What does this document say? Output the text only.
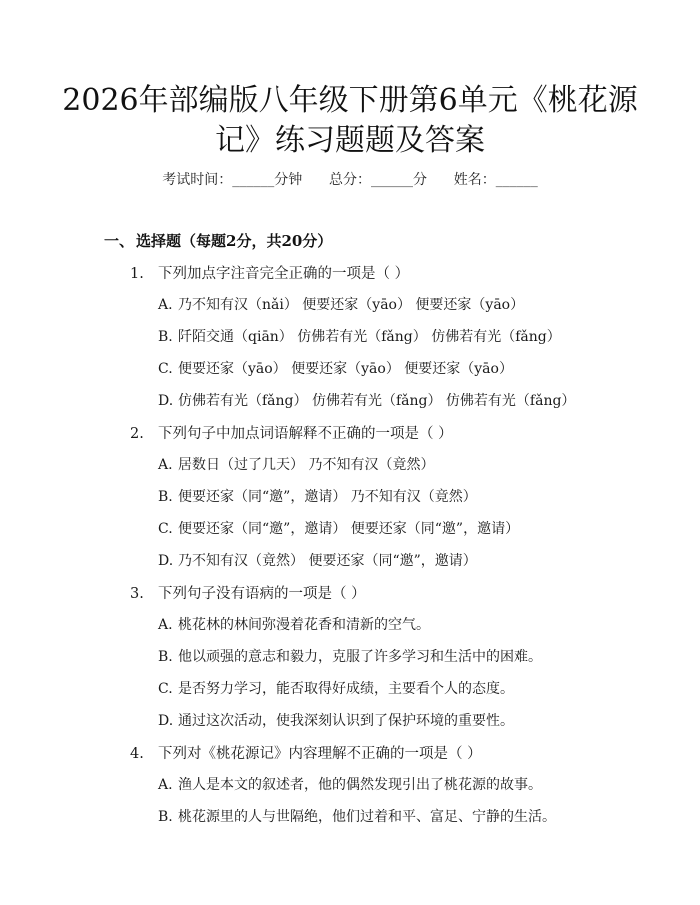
2026年部编版八年级下册第6单元《桃花源
记》练习题题及答案
考试时间：______分钟 总分：______分 姓名：______
一、 选择题（每题2分，共20分）
1. 下列加点字注音完全正确的一项是（ ）
A. 乃不知有汉（nǎi） 便要还家（yāo） 便要还家（yāo）
B. 阡陌交通（qiān） 仿佛若有光（fǎng） 仿佛若有光（fǎng）
C. 便要还家（yāo） 便要还家（yāo） 便要还家（yāo）
D. 仿佛若有光（fǎng） 仿佛若有光（fǎng） 仿佛若有光（fǎng）
2. 下列句子中加点词语解释不正确的一项是（ ）
A. 居数日（过了几天） 乃不知有汉（竟然）
B. 便要还家（同“邀”，邀请） 乃不知有汉（竟然）
C. 便要还家（同“邀”，邀请） 便要还家（同“邀”，邀请）
D. 乃不知有汉（竟然） 便要还家（同“邀”，邀请）
3. 下列句子没有语病的一项是（ ）
A. 桃花林的林间弥漫着花香和清新的空气。
B. 他以顽强的意志和毅力，克服了许多学习和生活中的困难。
C. 是否努力学习，能否取得好成绩，主要看个人的态度。
D. 通过这次活动，使我深刻认识到了保护环境的重要性。
4. 下列对《桃花源记》内容理解不正确的一项是（ ）
A. 渔人是本文的叙述者，他的偶然发现引出了桃花源的故事。
B. 桃花源里的人与世隔绝，他们过着和平、富足、宁静的生活。
